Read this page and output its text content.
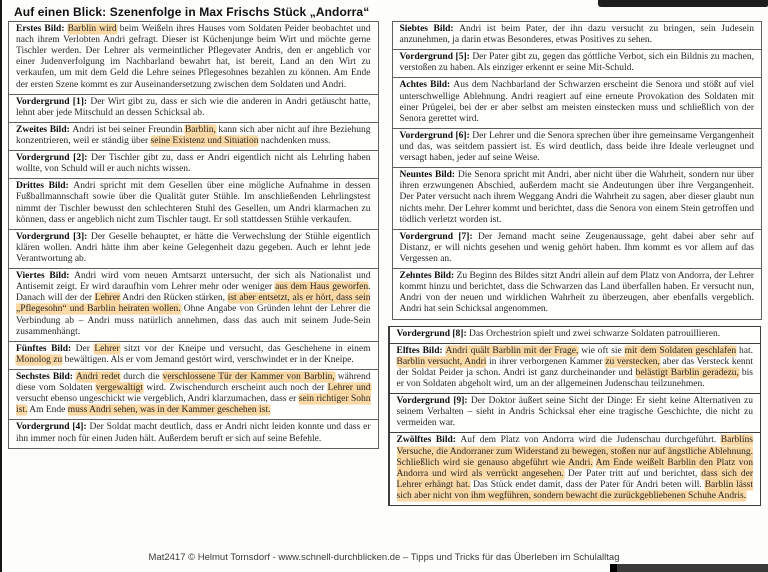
Auf einen Blick: Szenenfolge in Max Frischs Stück „Andorra“
Erstes Bild: Barblin wird beim Weißeln ihres Hauses vom Soldaten Peider beobachtet und nach ihrem Verlobten Andri gefragt. Dieser ist Küchenjunge beim Wirt und möchte gerne Tischler werden. Der Lehrer als vermeintlicher Pflegevater Andris, den er angeblich vor einer Judenverfolgung im Nachbarland bewahrt hat, ist bereit, Land an den Wirt zu verkaufen, um mit dem Geld die Lehre seines Pflegesohnes bezahlen zu können. Am Ende der ersten Szene kommt es zur Auseinandersetzung zwischen dem Soldaten und Andri.
Vordergrund [1]: Der Wirt gibt zu, dass er sich wie die anderen in Andri getäuscht hatte, lehnt aber jede Mitschuld an dessen Schicksal ab.
Zweites Bild: Andri ist bei seiner Freundin Barblin, kann sich aber nicht auf ihre Beziehung konzentrieren, weil er ständig über seine Existenz und Situation nachdenken muss.
Vordergrund [2]: Der Tischler gibt zu, dass er Andri eigentlich nicht als Lehrling haben wollte, von Schuld will er auch nichts wissen.
Drittes Bild: Andri spricht mit dem Gesellen über eine mögliche Aufnahme in dessen Fußballmannschaft sowie über die Qualität guter Stühle. Im anschließenden Lehrlingstest nimmt der Tischler bewusst den schlechteren Stuhl des Gesellen, um Andri klarmachen zu können, dass er angeblich nicht zum Tischler taugt. Er soll stattdessen Stühle verkaufen.
Vordergrund [3]: Der Geselle behauptet, er hätte die Verwechslung der Stühle eigentlich klären wollen. Andri hätte ihm aber keine Gelegenheit dazu gegeben. Auch er lehnt jede Verantwortung ab.
Viertes Bild: Andri wird vom neuen Amtsarzt untersucht, der sich als Nationalist und Antisemit zeigt. Er wird daraufhin vom Lehrer mehr oder weniger aus dem Haus geworfen. Danach will der der Lehrer Andri den Rücken stärken, ist aber entsetzt, als er hört, dass sein „Pflegesohn“ und Barblin heiraten wollen. Ohne Angabe von Gründen lehnt der Lehrer die Verbindung ab – Andri muss natürlich annehmen, dass das auch mit seinem Jude-Sein zusammenhängt.
Fünftes Bild: Der Lehrer sitzt vor der Kneipe und versucht, das Geschehene in einem Monolog zu bewältigen. Als er vom Jemand gestört wird, verschwindet er in der Kneipe.
Sechstes Bild: Andri redet durch die verschlossene Tür der Kammer von Barblin, während diese vom Soldaten vergewaltigt wird. Zwischendurch erscheint auch noch der Lehrer und versucht ebenso ungeschickt wie vergeblich, Andri klarzumachen, dass er sein richtiger Sohn ist. Am Ende muss Andri sehen, was in der Kammer geschehen ist.
Vordergrund [4]: Der Soldat macht deutlich, dass er Andri nicht leiden konnte und dass er ihn immer noch für einen Juden hält. Außerdem beruft er sich auf seine Befehle.
Siebtes Bild: Andri ist beim Pater, der ihn dazu versucht zu bringen, sein Judesein anzunehmen, ja darin etwas Besonderes, etwas Positives zu sehen.
Vordergrund [5]: Der Pater gibt zu, gegen das göttliche Verbot, sich ein Bildnis zu machen, verstoßen zu haben. Als einziger erkennt er seine Mit-Schuld.
Achtes Bild: Aus dem Nachbarland der Schwarzen erscheint die Senora und stößt auf viel unterschwellige Ablehnung. Andri reagiert auf eine erneute Provokation des Soldaten mit einer Prügelei, bei der er aber selbst am meisten einstecken muss und schließlich von der Senora gerettet wird.
Vordergrund [6]: Der Lehrer und die Senora sprechen über ihre gemeinsame Vergangenheit und das, was seitdem passiert ist. Es wird deutlich, dass beide ihre Ideale verleugnet und versagt haben, jeder auf seine Weise.
Neuntes Bild: Die Senora spricht mit Andri, aber nicht über die Wahrheit, sondern nur über ihren erzwungenen Abschied, außerdem macht sie Andeutungen über ihre Vergangenheit. Der Pater versucht nach ihrem Weggang Andri die Wahrheit zu sagen, aber dieser glaubt nun nichts mehr. Der Lehrer kommt und berichtet, dass die Senora von einem Stein getroffen und tödlich verletzt worden ist.
Vordergrund [7]: Der Jemand macht seine Zeugenaussage, geht dabei aber sehr auf Distanz, er will nichts gesehen und wenig gehört haben. Ihm kommt es vor allem auf das Vergessen an.
Zehntes Bild: Zu Beginn des Bildes sitzt Andri allein auf dem Platz von Andorra, der Lehrer kommt hinzu und berichtet, dass die Schwarzen das Land überfallen haben. Er versucht nun, Andri von der neuen und wirklichen Wahrheit zu überzeugen, aber ebenfalls vergeblich. Andri hat sein Schicksal angenommen.
Vordergrund [8]: Das Orchestrion spielt und zwei schwarze Soldaten patrouillieren.
Elftes Bild: Andri quält Barblin mit der Frage, wie oft sie mit dem Soldaten geschlafen hat. Barblin versucht, Andri in ihrer verborgenen Kammer zu verstecken, aber das Versteck kennt der Soldat Peider ja schon. Andri ist ganz durcheinander und belästigt Barblin geradezu, bis er von Soldaten abgeholt wird, um an der allgemeinen Judenschau teilzunehmen.
Vordergrund [9]: Der Doktor äußert seine Sicht der Dinge: Er sieht keine Alternativen zu seinem Verhalten – sieht in Andris Schicksal eher eine tragische Geschichte, die nicht zu vermeiden war.
Zwölftes Bild: Auf dem Platz von Andorra wird die Judenschau durchgeführt. Barblins Versuche, die Andorraner zum Widerstand zu bewegen, stoßen nur auf ängstliche Ablehnung. Schließlich wird sie genauso abgeführt wie Andri. Am Ende weißelt Barblin den Platz von Andorra und wird als verrückt angesehen. Der Pater tritt auf und berichtet, dass sich der Lehrer erhängt hat. Das Stück endet damit, dass der Pater für Andri beten will. Barblin lässt sich aber nicht von ihm wegführen, sondern bewacht die zurückgebliebenen Schuhe Andris.
Mat2417 © Helmut Tornsdorf - www.schnell-durchblicken.de – Tipps und Tricks für das Überleben im Schulalltag
